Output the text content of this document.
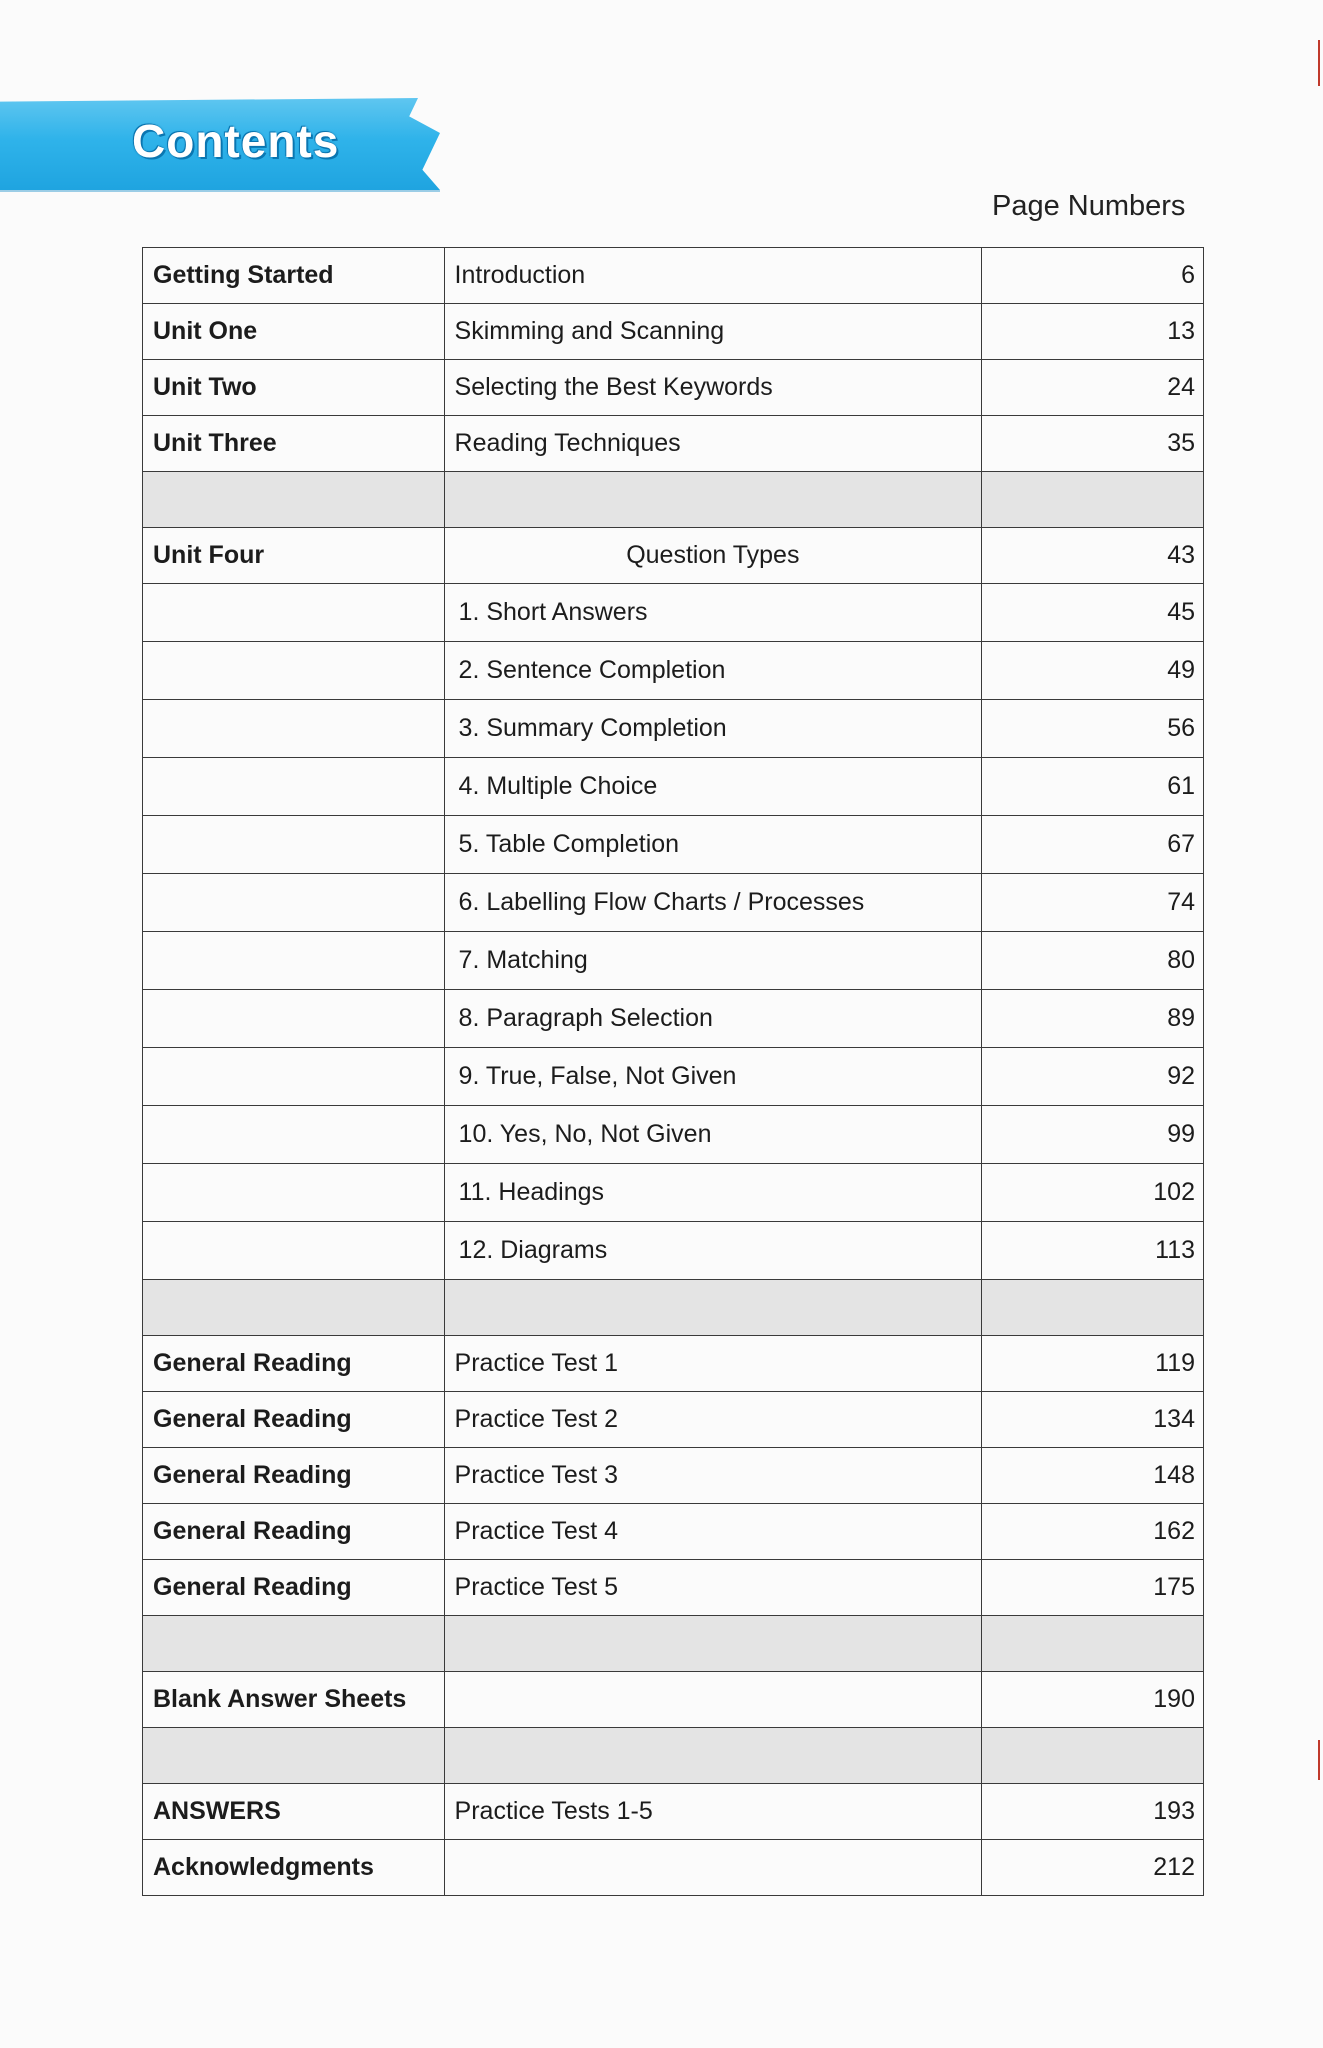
Contents
Page Numbers
Getting Started	Introduction	6
Unit One	Skimming and Scanning	13
Unit Two	Selecting the Best Keywords	24
Unit Three	Reading Techniques	35

Unit Four	Question Types	43
	1. Short Answers	45
	2. Sentence Completion	49
	3. Summary Completion	56
	4. Multiple Choice	61
	5. Table Completion	67
	6. Labelling Flow Charts / Processes	74
	7. Matching	80
	8. Paragraph Selection	89
	9. True, False, Not Given	92
	10. Yes, No, Not Given	99
	11. Headings	102
	12. Diagrams	113

General Reading	Practice Test 1	119
General Reading	Practice Test 2	134
General Reading	Practice Test 3	148
General Reading	Practice Test 4	162
General Reading	Practice Test 5	175

Blank Answer Sheets		190

ANSWERS	Practice Tests 1-5	193
Acknowledgments		212
